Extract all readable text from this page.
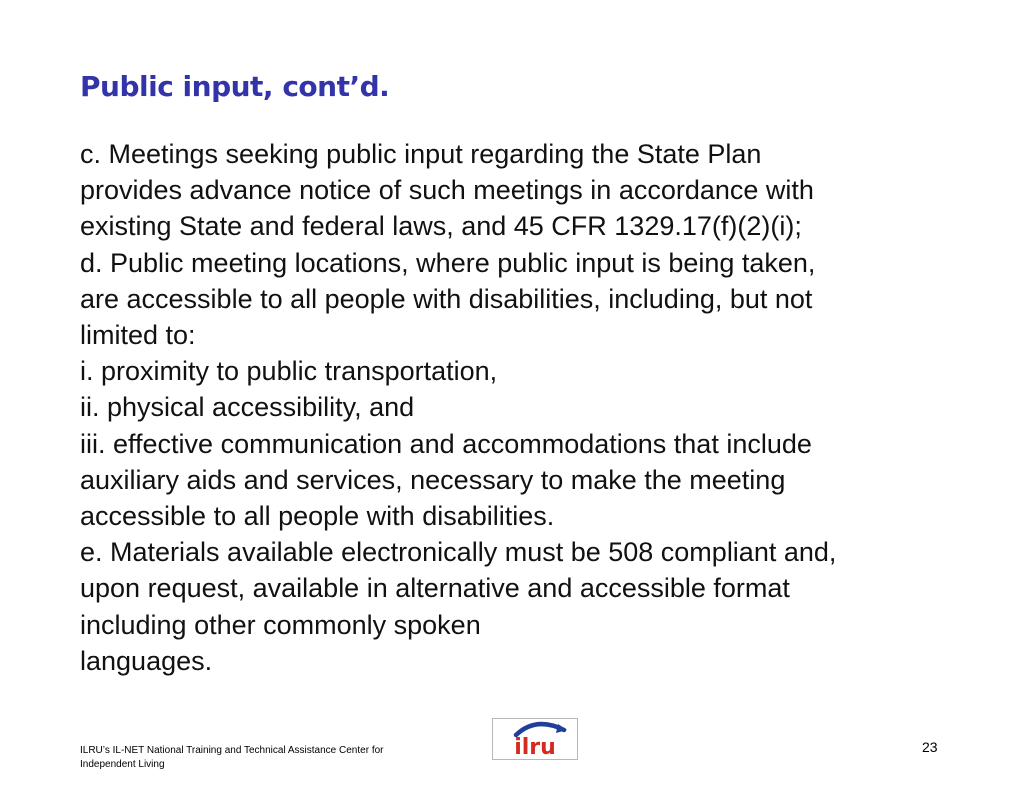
Public input, cont’d.
c. Meetings seeking public input regarding the State Plan
provides advance notice of such meetings in accordance with
existing State and federal laws, and 45 CFR 1329.17(f)(2)(i);
d. Public meeting locations, where public input is being taken,
are accessible to all people with disabilities, including, but not
limited to:
i. proximity to public transportation,
ii. physical accessibility, and
iii. effective communication and accommodations that include
auxiliary aids and services, necessary to make the meeting
accessible to all people with disabilities.
e. Materials available electronically must be 508 compliant and,
upon request, available in alternative and accessible format
including other commonly spoken
languages.
ILRU’s IL-NET National Training and Technical Assistance Center for
Independent Living
ilru	23
